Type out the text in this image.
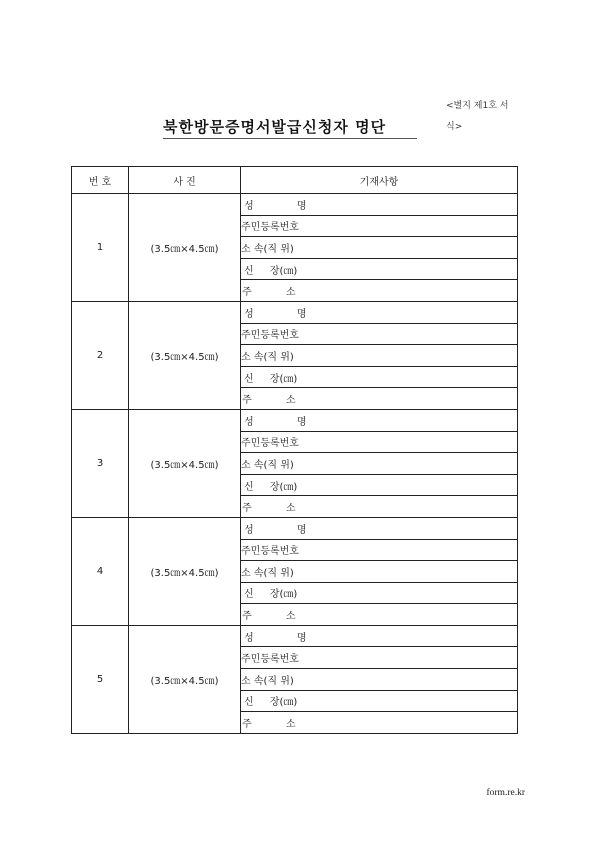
<별지 제1호 서식>
북한방문증명서발급신청자 명단
번 호	사 진	기재사항
1	(3.5㎝×4.5㎝)	성 명
		주민등록번호
		소 속(직 위)
		신 장(㎝)
		주 소
2	(3.5㎝×4.5㎝)	성 명
		주민등록번호
		소 속(직 위)
		신 장(㎝)
		주 소
3	(3.5㎝×4.5㎝)	성 명
		주민등록번호
		소 속(직 위)
		신 장(㎝)
		주 소
4	(3.5㎝×4.5㎝)	성 명
		주민등록번호
		소 속(직 위)
		신 장(㎝)
		주 소
5	(3.5㎝×4.5㎝)	성 명
		주민등록번호
		소 속(직 위)
		신 장(㎝)
		주 소
form.re.kr
